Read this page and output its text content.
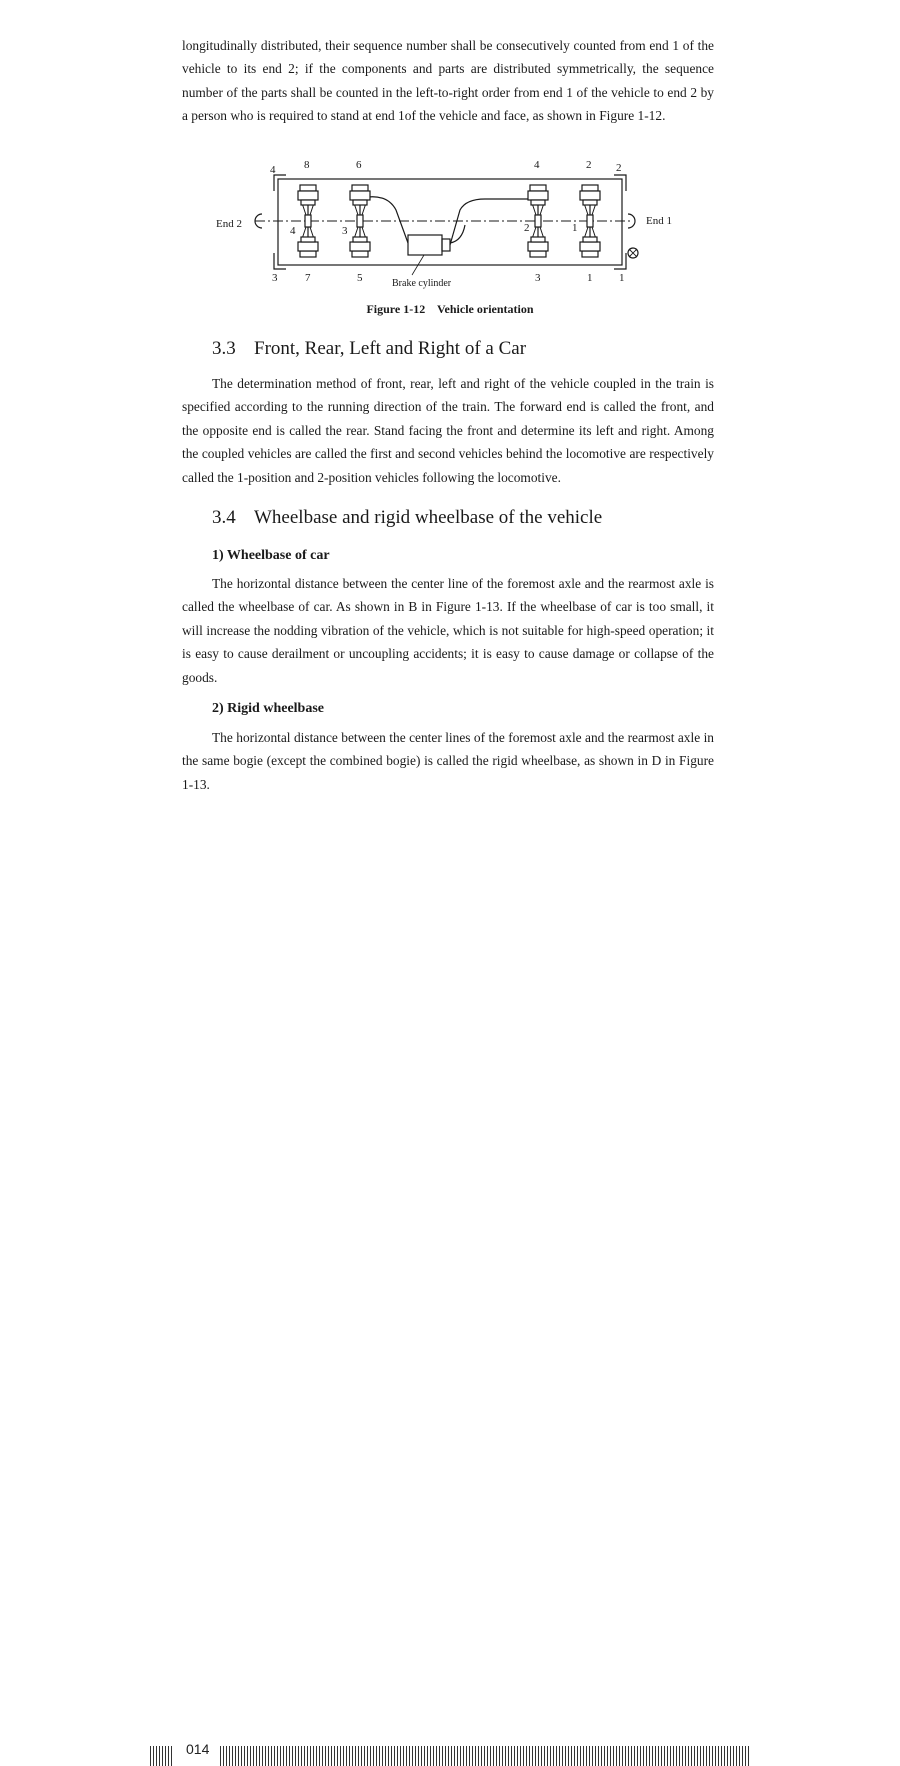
longitudinally distributed, their sequence number shall be consecutively counted from end 1 of the vehicle to its end 2; if the components and parts are distributed symmetrically, the sequence number of the parts shall be counted in the left-to-right order from end 1 of the vehicle to end 2 by a person who is required to stand at end 1of the vehicle and face, as shown in Figure 1-12.

End 2	End 1
4	8	6	4	2 2
3	7	5	3	1 1
4	3	2	1
Brake cylinder
Figure 1-12    Vehicle orientation
3.3 Front, Rear, Left and Right of a Car

The determination method of front, rear, left and right of the vehicle coupled in the train is specified according to the running direction of the train. The forward end is called the front, and the opposite end is called the rear. Stand facing the front and determine its left and right. Among the coupled vehicles are called the first and second vehicles behind the locomotive are respectively called the 1-position and 2-position vehicles following the locomotive.

3.4 Wheelbase and rigid wheelbase of the vehicle
1) Wheelbase of car

The horizontal distance between the center line of the foremost axle and the rearmost axle is called the wheelbase of car. As shown in B in Figure 1-13. If the wheelbase of car is too small, it will increase the nodding vibration of the vehicle, which is not suitable for high-speed operation; it is easy to cause derailment or uncoupling accidents; it is easy to cause damage or collapse of the goods.

2) Rigid wheelbase

The horizontal distance between the center lines of the foremost axle and the rearmost axle in the same bogie (except the combined bogie) is called the rigid wheelbase, as shown in D in Figure 1-13.

014
